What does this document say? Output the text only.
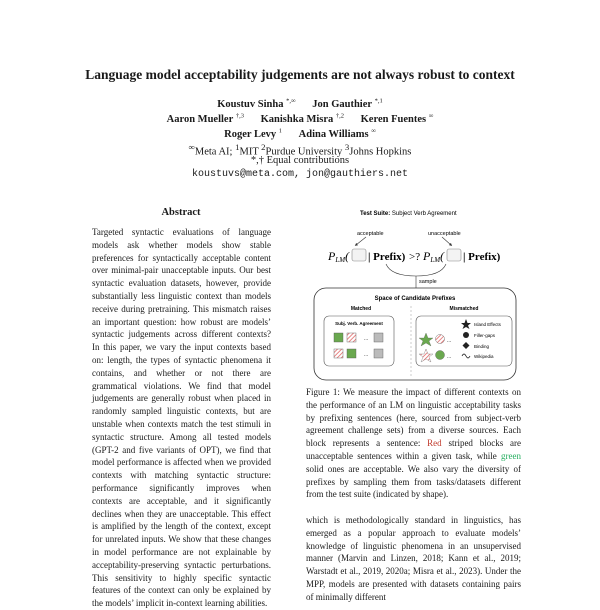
Language model acceptability judgements are not always robust to context
Koustuv Sinha *,∞ Jon Gauthier $^{*,1}$
Aaron Mueller $^{\dagger,3}$ Kanishka Misra $^{\dagger,2}$ Keren Fuentes ∞
Roger Levy $^1$ Adina Williams ∞
∞Meta AI; $^1$MIT $^2$Purdue University $^3$Johns Hopkins
*,† Equal contributions
koustuvs@meta.com, jon@gauthiers.net
Abstract

Targeted syntactic evaluations of language models ask whether models show stable preferences for syntactically acceptable content over minimal-pair unacceptable inputs. Our best syntactic evaluation datasets, however, provide substantially less linguistic context than models receive during pretraining. This mismatch raises an important question: how robust are models’ syntactic judgements across different contexts? In this paper, we vary the input contexts based on: length, the types of syntactic phenomena it contains, and whether or not there are grammatical violations. We find that model judgements are generally robust when placed in randomly sampled linguistic contexts, but are unstable when contexts match the test stimuli in syntactic structure. Among all tested models (GPT-2 and five variants of OPT), we find that model performance is affected when we provided contexts with matching syntactic structure: performance significantly improves when contexts are acceptable, and it significantly declines when they are unacceptable. This effect is amplified by the length of the context, except for unrelated inputs. We show that these changes in model performance are not explainable by acceptability-preserving syntactic perturbations. This sensitivity to highly specific syntactic features of the context can only be explained by the models’ implicit in-context learning abilities.

Test Suite: Subject Verb Agreement
acceptable	unacceptable
PLM( | Prefix) >? PLM( | Prefix)
sample
Space of Candidate Prefixes
Matched	Mismatched
Subj. Verb. Agreement
...
...
...
...
Island Effects
Filler-gaps
Binding
Wikipedia

Figure 1: We measure the impact of different contexts on the performance of an LM on linguistic acceptability tasks by prefixing sentences (here, sourced from subject-verb agreement challenge sets) from a diverse sources. Each block represents a sentence: Red striped blocks are unacceptable sentences within a given task, while green solid ones are acceptable. We also vary the diversity of prefixes by sampling them from tasks/datasets different from the test suite (indicated by shape).

which is methodologically standard in linguistics, has emerged as a popular approach to evaluate models’ knowledge of linguistic phenomena in an unsupervised manner (Marvin and Linzen, 2018; Kann et al., 2019; Warstadt et al., 2019, 2020a; Misra et al., 2023). Under the MPP, models are presented with datasets containing pairs of minimally different
